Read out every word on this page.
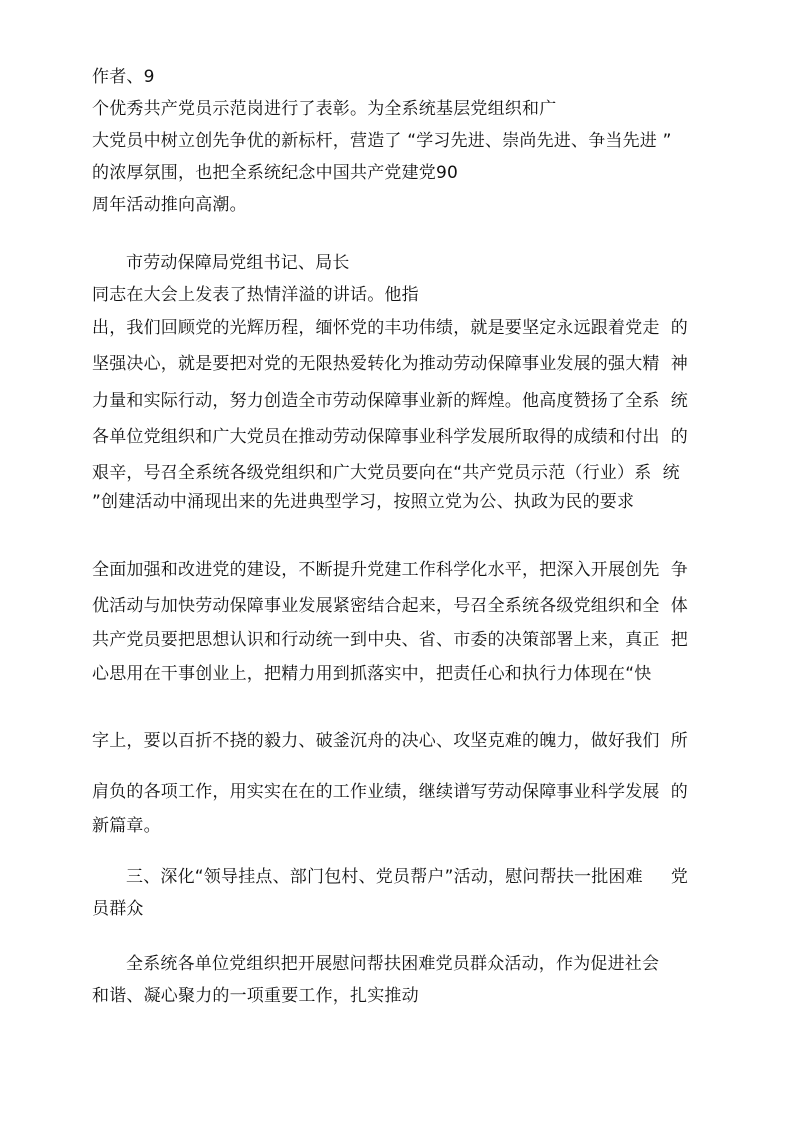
作者、9
个优秀共产党员示范岗进行了表彰。为全系统基层党组织和广
大党员中树立创先争优的新标杆，营造了 “学习先进、崇尚先进、争当先进 ”
的浓厚氛围，也把全系统纪念中国共产党建党90
周年活动推向高潮。
市劳动保障局党组书记、局长
同志在大会上发表了热情洋溢的讲话。他指
出，我们回顾党的光辉历程，缅怀党的丰功伟绩，就是要坚定永远跟着党走  的
坚强决心，就是要把对党的无限热爱转化为推动劳动保障事业发展的强大精  神
力量和实际行动，努力创造全市劳动保障事业新的辉煌。他高度赞扬了全系  统
各单位党组织和广大党员在推动劳动保障事业科学发展所取得的成绩和付出  的
艰辛，号召全系统各级党组织和广大党员要向在“共产党员示范（行业）系  统
”创建活动中涌现出来的先进典型学习，按照立党为公、执政为民的要求
全面加强和改进党的建设，不断提升党建工作科学化水平，把深入开展创先  争
优活动与加快劳动保障事业发展紧密结合起来，号召全系统各级党组织和全  体
共产党员要把思想认识和行动统一到中央、省、市委的决策部署上来，真正  把
心思用在干事创业上，把精力用到抓落实中，把责任心和执行力体现在“快
字上，要以百折不挠的毅力、破釜沉舟的决心、攻坚克难的魄力，做好我们  所
肩负的各项工作，用实实在在的工作业绩，继续谱写劳动保障事业科学发展  的
新篇章。
三、深化“领导挂点、部门包村、党员帮户”活动，慰问帮扶一批困难     党
员群众
全系统各单位党组织把开展慰问帮扶困难党员群众活动，作为促进社会
和谐、凝心聚力的一项重要工作，扎实推动
